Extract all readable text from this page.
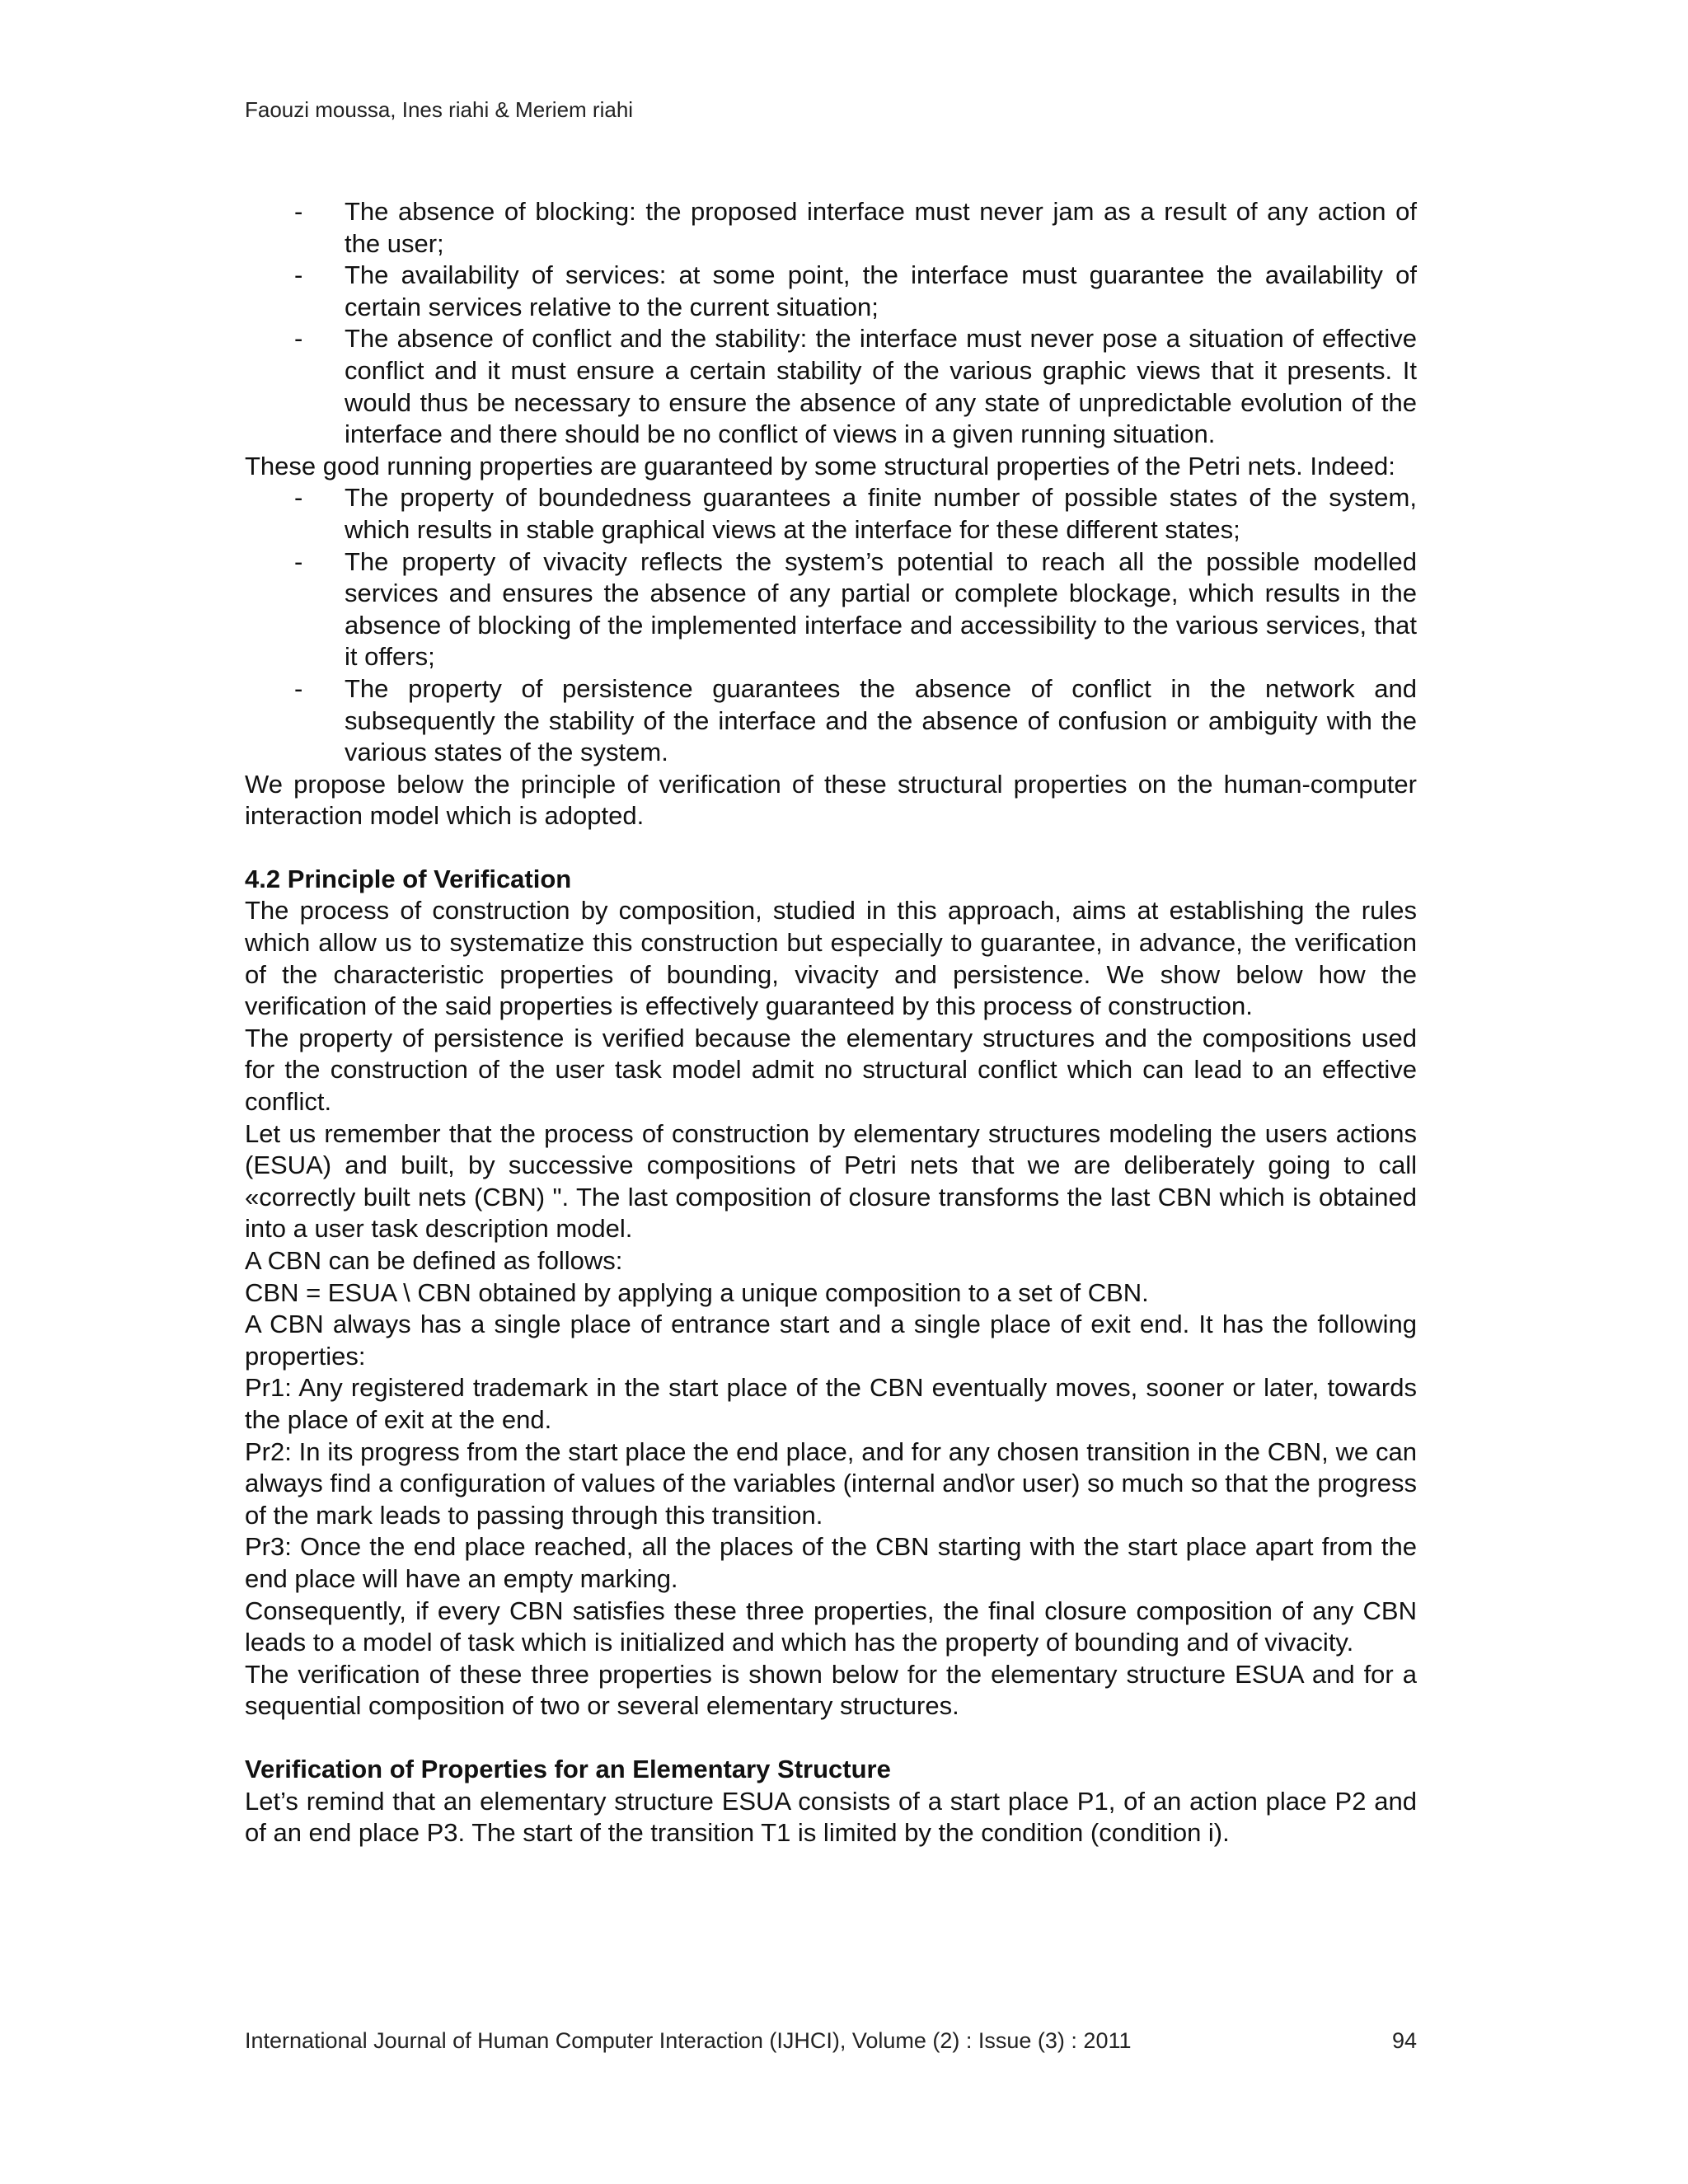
Faouzi moussa, Ines riahi & Meriem riahi
- The absence of blocking: the proposed interface must never jam as a result of any action of the user;
- The availability of services: at some point, the interface must guarantee the availability of certain services relative to the current situation;
- The absence of conflict and the stability: the interface must never pose a situation of effective conflict and it must ensure a certain stability of the various graphic views that it presents. It would thus be necessary to ensure the absence of any state of unpredictable evolution of the interface and there should be no conflict of views in a given running situation.

These good running properties are guaranteed by some structural properties of the Petri nets. Indeed:

- The property of boundedness guarantees a finite number of possible states of the system, which results in stable graphical views at the interface for these different states;
- The property of vivacity reflects the system’s potential to reach all the possible modelled services and ensures the absence of any partial or complete blockage, which results in the absence of blocking of the implemented interface and accessibility to the various services, that it offers;
- The property of persistence guarantees the absence of conflict in the network and subsequently the stability of the interface and the absence of confusion or ambiguity with the various states of the system.

We propose below the principle of verification of these structural properties on the human-computer interaction model which is adopted.

4.2 Principle of Verification

The process of construction by composition, studied in this approach, aims at establishing the rules which allow us to systematize this construction but especially to guarantee, in advance, the verification of the characteristic properties of bounding, vivacity and persistence. We show below how the verification of the said properties is effectively guaranteed by this process of construction.

The property of persistence is verified because the elementary structures and the compositions used for the construction of the user task model admit no structural conflict which can lead to an effective conflict.

Let us remember that the process of construction by elementary structures modeling the users actions (ESUA) and built, by successive compositions of Petri nets that we are deliberately going to call «correctly built nets (CBN) ". The last composition of closure transforms the last CBN which is obtained into a user task description model.

A CBN can be defined as follows:

CBN = ESUA \ CBN obtained by applying a unique composition to a set of CBN.

A CBN always has a single place of entrance start and a single place of exit end. It has the following properties:

Pr1: Any registered trademark in the start place of the CBN eventually moves, sooner or later, towards the place of exit at the end.

Pr2: In its progress from the start place the end place, and for any chosen transition in the CBN, we can always find a configuration of values of the variables (internal and\or user) so much so that the progress of the mark leads to passing through this transition.

Pr3: Once the end place reached, all the places of the CBN starting with the start place apart from the end place will have an empty marking.

Consequently, if every CBN satisfies these three properties, the final closure composition of any CBN leads to a model of task which is initialized and which has the property of bounding and of vivacity.

The verification of these three properties is shown below for the elementary structure ESUA and for a sequential composition of two or several elementary structures.

Verification of Properties for an Elementary Structure

Let’s remind that an elementary structure ESUA consists of a start place P1, of an action place P2 and of an end place P3. The start of the transition T1 is limited by the condition (condition i).

International Journal of Human Computer Interaction (IJHCI), Volume (2) : Issue (3) : 2011	94
